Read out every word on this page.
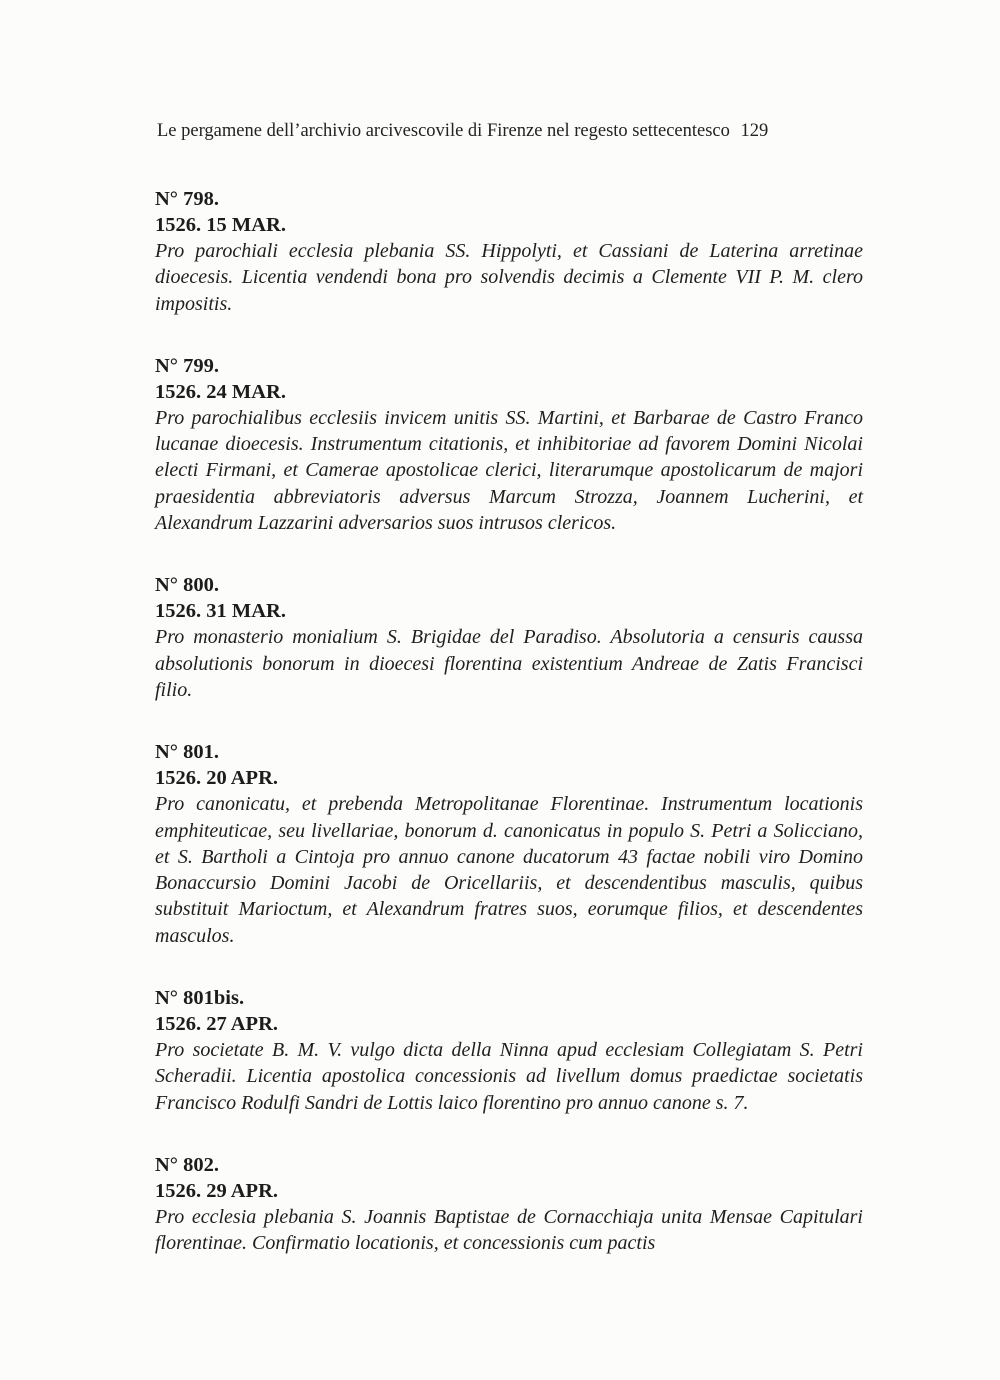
Le pergamene dell’archivio arcivescovile di Firenze nel regesto settecentesco 129
N° 798.
1526. 15 MAR.
Pro parochiali ecclesia plebania SS. Hippolyti, et Cassiani de Laterina arretinae dioecesis. Licentia vendendi bona pro solvendis decimis a Clemente VII P. M. clero impositis.
N° 799.
1526. 24 MAR.
Pro parochialibus ecclesiis invicem unitis SS. Martini, et Barbarae de Castro Franco lucanae dioecesis. Instrumentum citationis, et inhibitoriae ad favorem Domini Nicolai electi Firmani, et Camerae apostolicae clerici, literarumque apostolicarum de majori praesidentia abbreviatoris adversus Marcum Strozza, Joannem Lucherini, et Alexandrum Lazzarini adversarios suos intrusos clericos.
N° 800.
1526. 31 MAR.
Pro monasterio monialium S. Brigidae del Paradiso. Absolutoria a censuris caussa absolutionis bonorum in dioecesi florentina existentium Andreae de Zatis Francisci filio.
N° 801.
1526. 20 APR.
Pro canonicatu, et prebenda Metropolitanae Florentinae. Instrumentum locationis emphiteuticae, seu livellariae, bonorum d. canonicatus in populo S. Petri a Solicciano, et S. Bartholi a Cintoja pro annuo canone ducatorum 43 factae nobili viro Domino Bonaccursio Domini Jacobi de Oricellariis, et descendentibus masculis, quibus substituit Marioctum, et Alexandrum fratres suos, eorumque filios, et descendentes masculos.
N° 801bis.
1526. 27 APR.
Pro societate B. M. V. vulgo dicta della Ninna apud ecclesiam Collegiatam S. Petri Scheradii. Licentia apostolica concessionis ad livellum domus praedictae societatis Francisco Rodulfi Sandri de Lottis laico florentino pro annuo canone s. 7.
N° 802.
1526. 29 APR.
Pro ecclesia plebania S. Joannis Baptistae de Cornacchiaja unita Mensae Capitulari florentinae. Confirmatio locationis, et concessionis cum pactis
